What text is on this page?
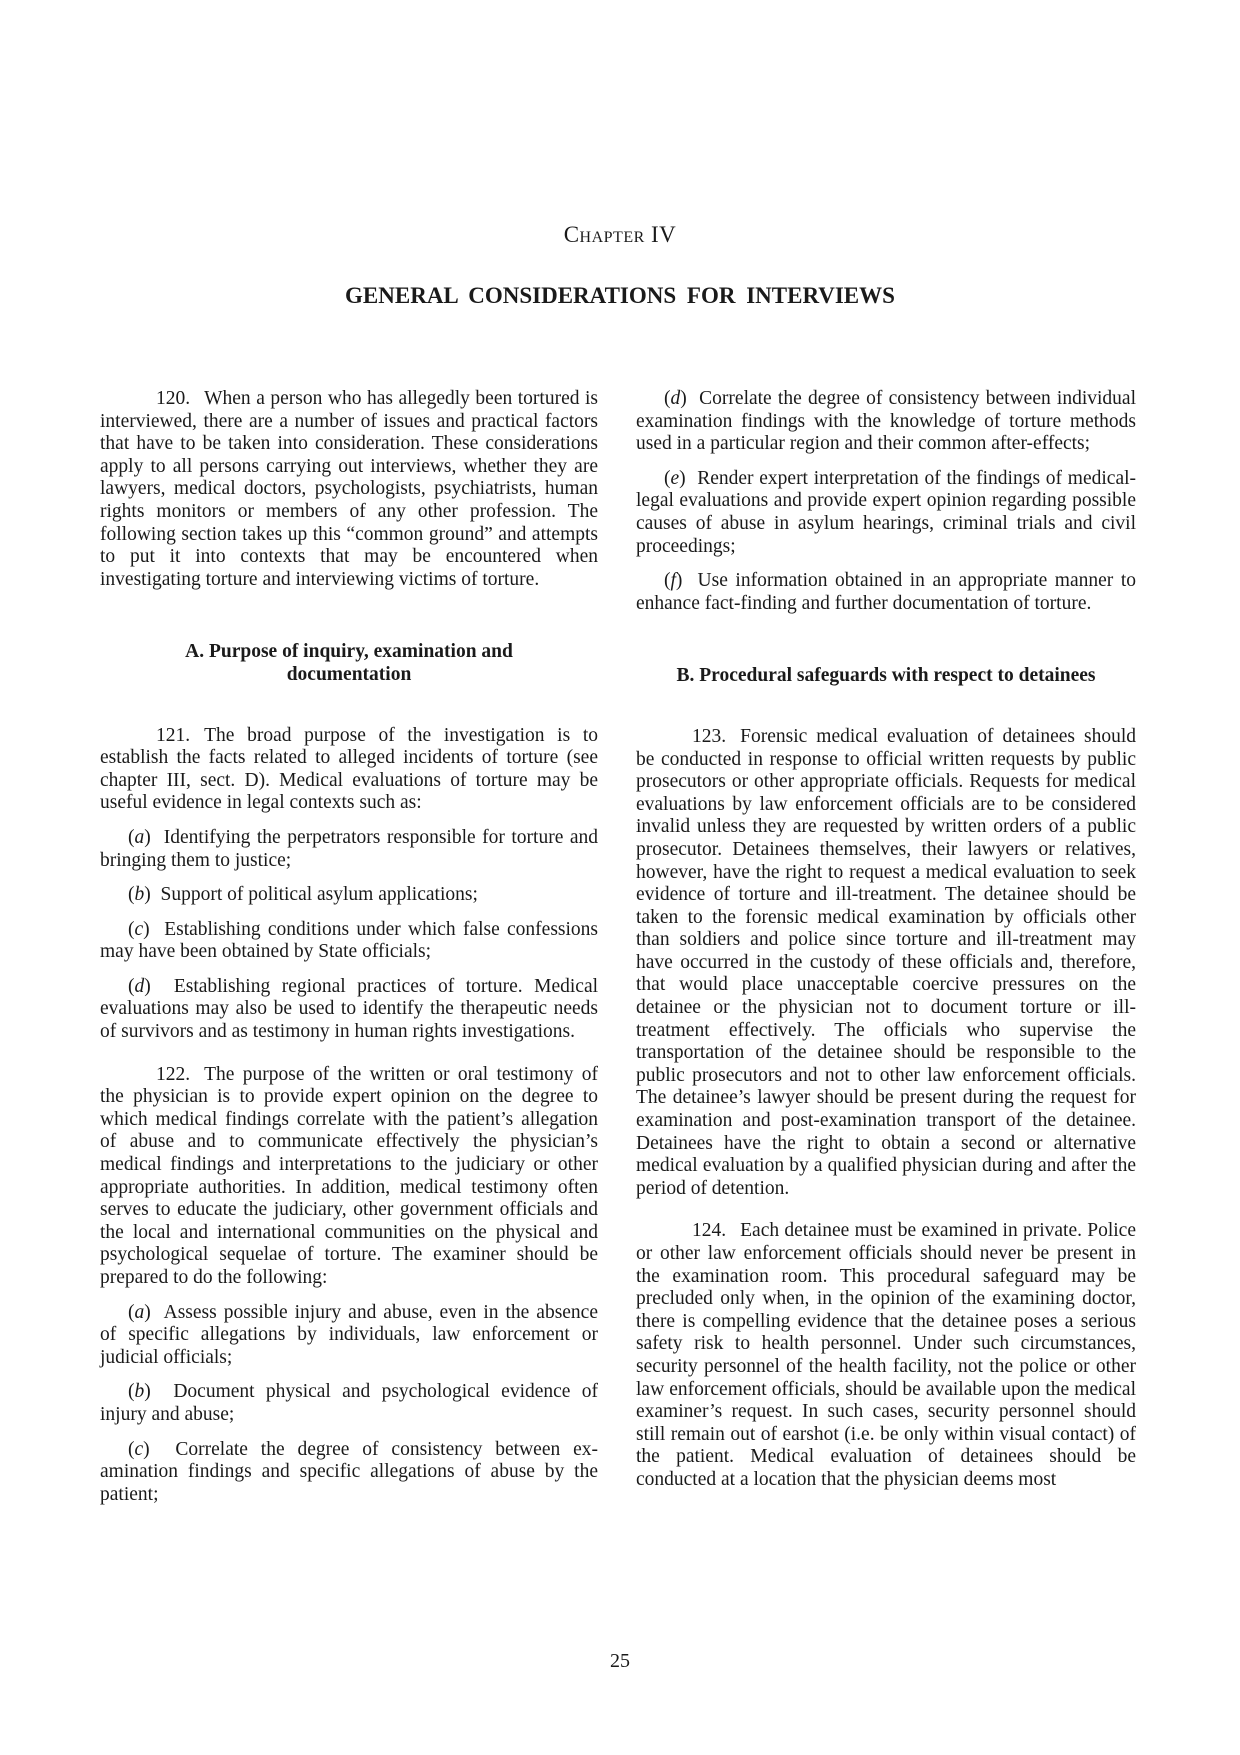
Chapter IV
GENERAL CONSIDERATIONS FOR INTERVIEWS

120. When a person who has allegedly been tortured is interviewed, there are a number of issues and practical factors that have to be taken into consideration. These considerations apply to all persons carrying out interviews, whether they are lawyers, medical doctors, psychologists, psychiatrists, human rights monitors or members of any other profession. The following section takes up this “common ground” and attempts to put it into contexts that may be encountered when investigating torture and interviewing victims of torture.

A. Purpose of inquiry, examination and documentation

121. The broad purpose of the investigation is to establish the facts related to alleged incidents of torture (see chapter III, sect. D). Medical evaluations of torture may be useful evidence in legal contexts such as:

(a) Identifying the perpetrators responsible for torture and bringing them to justice;

(b) Support of political asylum applications;

(c) Establishing conditions under which false confessions may have been obtained by State officials;

(d) Establishing regional practices of torture. Medical evaluations may also be used to identify the therapeutic needs of survivors and as testimony in human rights investigations.

122. The purpose of the written or oral testimony of the physician is to provide expert opinion on the degree to which medical findings correlate with the patient’s allegation of abuse and to communicate effectively the physician’s medical findings and interpretations to the judiciary or other appropriate authorities. In addition, medical testimony often serves to educate the judiciary, other government officials and the local and international communities on the physical and psychological sequelae of torture. The examiner should be prepared to do the following:

(a) Assess possible injury and abuse, even in the absence of specific allegations by individuals, law enforcement or judicial officials;

(b) Document physical and psychological evidence of injury and abuse;

(c) Correlate the degree of consistency between examination findings and specific allegations of abuse by the patient;

(d) Correlate the degree of consistency between individual examination findings with the knowledge of torture methods used in a particular region and their common after-effects;

(e) Render expert interpretation of the findings of medical-legal evaluations and provide expert opinion regarding possible causes of abuse in asylum hearings, criminal trials and civil proceedings;

(f) Use information obtained in an appropriate manner to enhance fact-finding and further documentation of torture.

B. Procedural safeguards with respect to detainees

123. Forensic medical evaluation of detainees should be conducted in response to official written requests by public prosecutors or other appropriate officials. Requests for medical evaluations by law enforcement officials are to be considered invalid unless they are requested by written orders of a public prosecutor. Detainees themselves, their lawyers or relatives, however, have the right to request a medical evaluation to seek evidence of torture and ill-treatment. The detainee should be taken to the forensic medical examination by officials other than soldiers and police since torture and ill-treatment may have occurred in the custody of these officials and, therefore, that would place unacceptable coercive pressures on the detainee or the physician not to document torture or ill-treatment effectively. The officials who supervise the transportation of the detainee should be responsible to the public prosecutors and not to other law enforcement officials. The detainee’s lawyer should be present during the request for examination and post-examination transport of the detainee. Detainees have the right to obtain a second or alternative medical evaluation by a qualified physician during and after the period of detention.

124. Each detainee must be examined in private. Police or other law enforcement officials should never be present in the examination room. This procedural safeguard may be precluded only when, in the opinion of the examining doctor, there is compelling evidence that the detainee poses a serious safety risk to health personnel. Under such circumstances, security personnel of the health facility, not the police or other law enforcement officials, should be available upon the medical examiner’s request. In such cases, security personnel should still remain out of earshot (i.e. be only within visual contact) of the patient. Medical evaluation of detainees should be conducted at a location that the physician deems most

25
